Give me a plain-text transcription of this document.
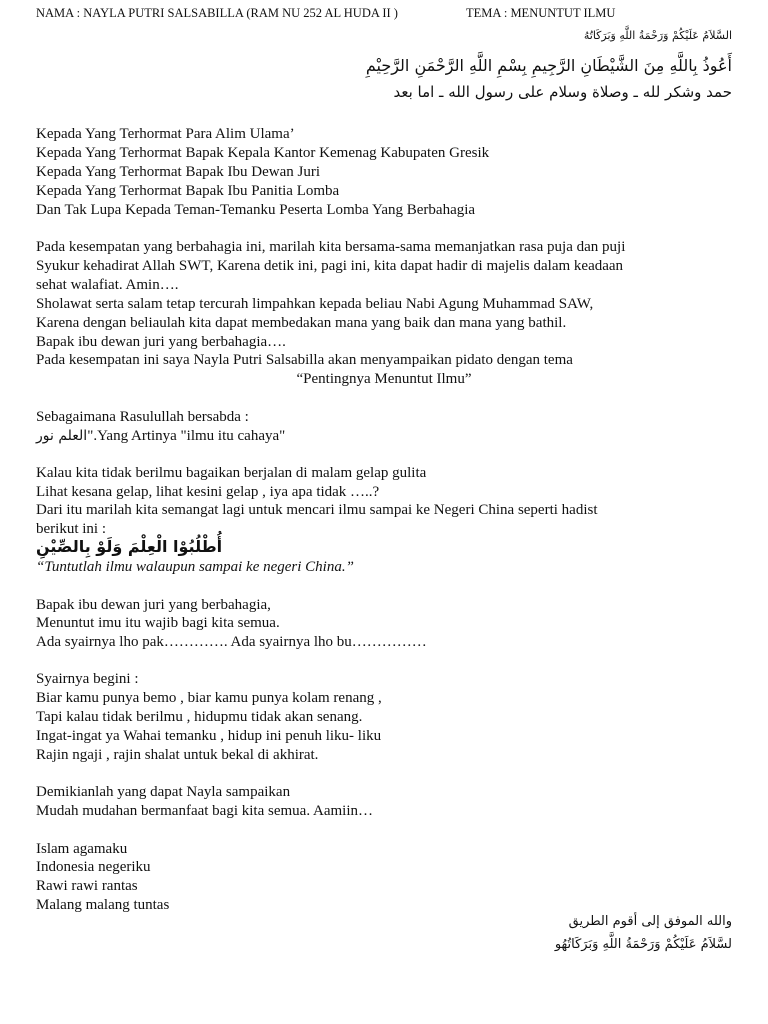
NAMA : NAYLA PUTRI SALSABILLA (RAM NU 252 AL HUDA II )	TEMA : MENUNTUT ILMU
السَّلاَمُ عَلَيْكُمْ وَرَحْمَةُ اللَّهِ وَبَرَكَاتُهُ
أَعُوذُ بِاللَّهِ مِنَ الشَّيْطَانِ الرَّجِيمِ بِسْمِ اللَّهِ الرَّحْمَنِ الرَّحِيْمِ
حمد وشكر لله ـ وصلاة وسلام على رسول الله ـ اما بعد
Kepada Yang Terhormat Para Alim Ulama’
Kepada Yang Terhormat Bapak Kepala Kantor Kemenag Kabupaten Gresik
Kepada Yang Terhormat Bapak Ibu Dewan Juri
Kepada Yang Terhormat Bapak Ibu Panitia Lomba
Dan Tak Lupa Kepada Teman-Temanku Peserta Lomba Yang Berbahagia
Pada kesempatan yang berbahagia ini, marilah kita bersama-sama memanjatkan rasa puja dan puji
Syukur kehadirat Allah SWT, Karena detik ini, pagi ini, kita dapat hadir di majelis dalam keadaan
sehat walafiat. Amin….
Sholawat serta salam tetap tercurah limpahkan kepada beliau Nabi Agung Muhammad SAW,
Karena dengan beliaulah kita dapat membedakan mana yang baik dan mana yang bathil.
Bapak ibu dewan juri yang berbahagia….
Pada kesempatan ini saya Nayla Putri Salsabilla akan menyampaikan pidato dengan tema
“Pentingnya Menuntut Ilmu”
Sebagaimana Rasulullah bersabda :
العلم نور".Yang Artinya "ilmu itu cahaya"
Kalau kita tidak berilmu bagaikan berjalan di malam gelap gulita
Lihat kesana gelap, lihat kesini gelap , iya apa tidak …..?
Dari itu marilah kita semangat lagi untuk mencari ilmu sampai ke Negeri China seperti hadist
berikut ini :
أُطْلُبُوْا الْعِلْمَ وَلَوْ بِالصِّيْنِ
“Tuntutlah ilmu walaupun sampai ke negeri China.”
Bapak ibu dewan juri yang berbahagia,
Menuntut imu itu wajib bagi kita semua.
Ada syairnya lho pak…………. Ada syairnya lho bu……………
Syairnya begini :
Biar kamu punya bemo , biar kamu punya kolam renang ,
Tapi kalau tidak berilmu , hidupmu tidak akan senang.
Ingat-ingat ya Wahai temanku , hidup ini penuh liku- liku
Rajin ngaji , rajin shalat untuk bekal di akhirat.
Demikianlah yang dapat Nayla sampaikan
Mudah mudahan bermanfaat bagi kita semua. Aamiin…
Islam agamaku
Indonesia negeriku
Rawi rawi rantas
Malang malang tuntas
والله الموفق إلى أقوم الطريق
لسَّلاَمُ عَلَيْكُمْ وَرَحْمَةُ اللَّهِ وَبَرَكَاتُهُو
